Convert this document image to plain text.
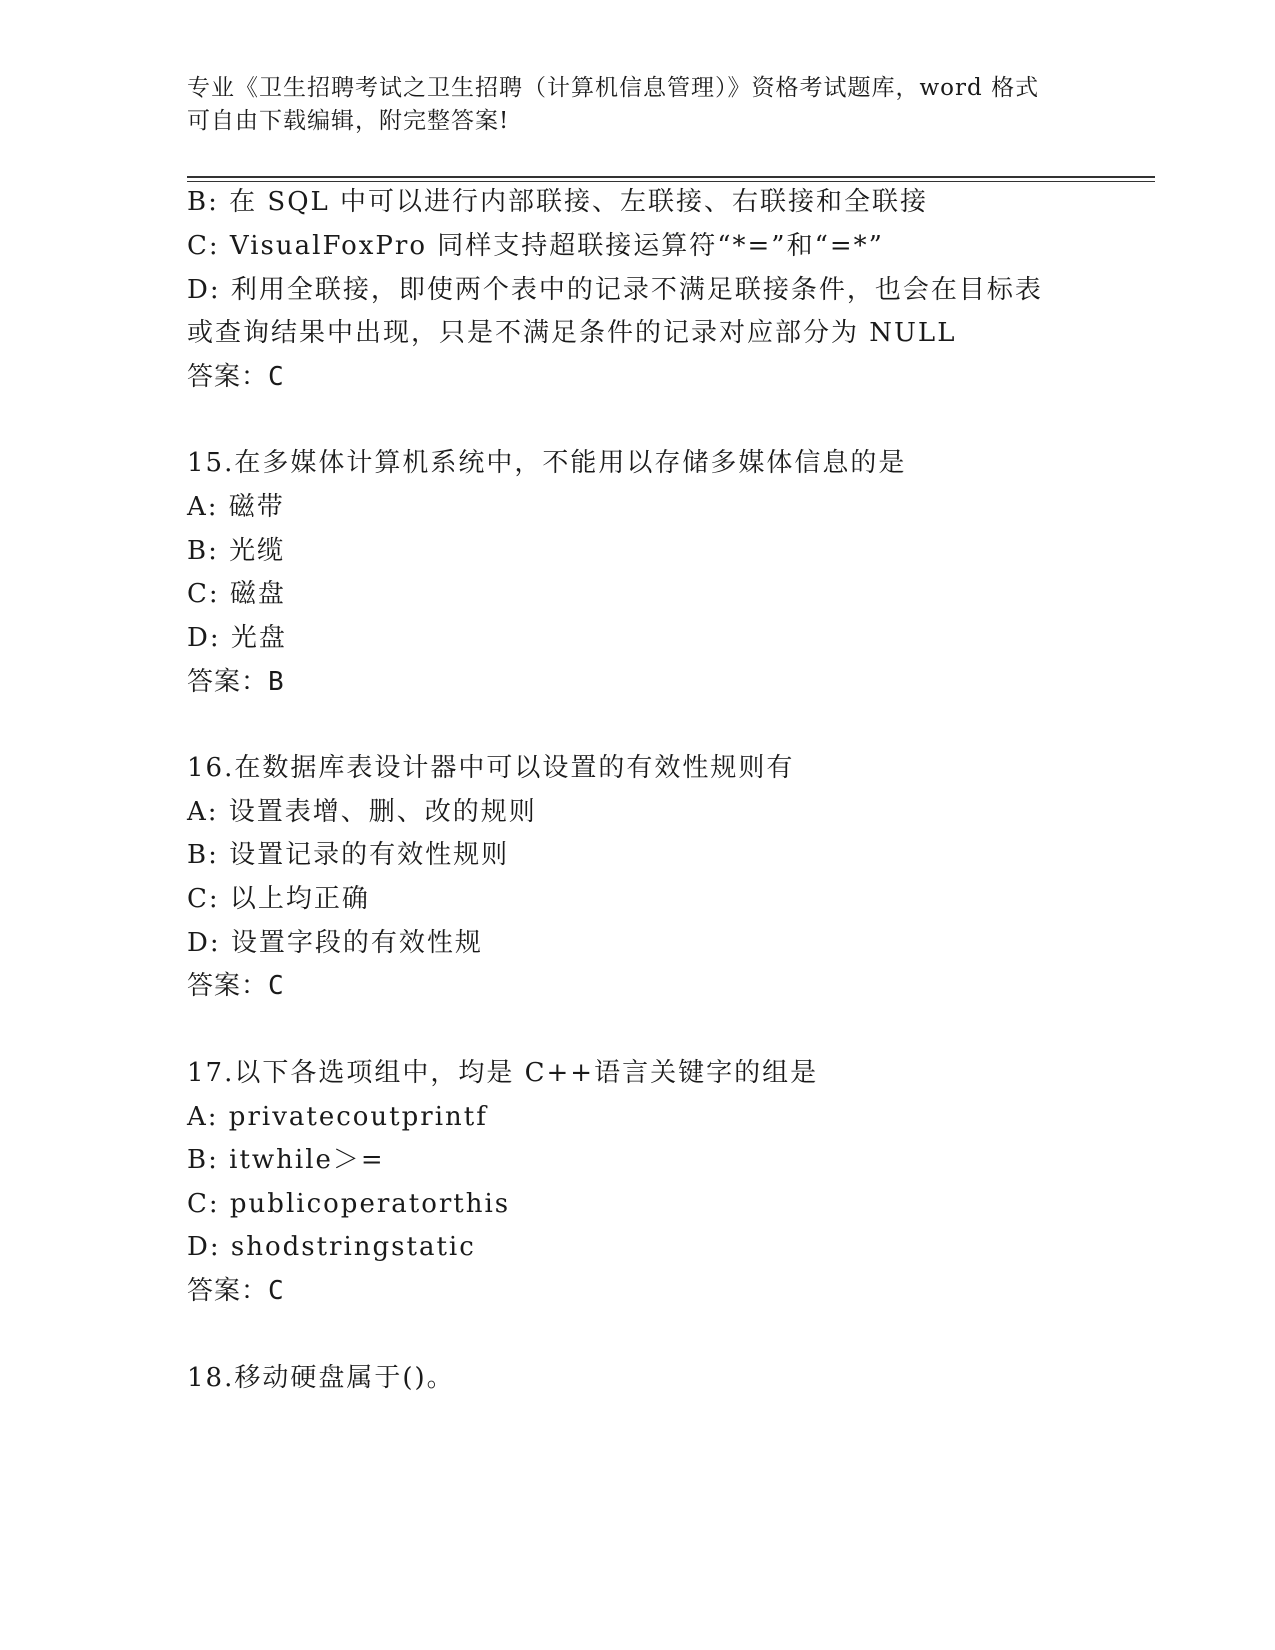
专业《卫生招聘考试之卫生招聘（计算机信息管理）》资格考试题库，word 格式
可自由下载编辑，附完整答案!
B: 在 SQL 中可以进行内部联接、左联接、右联接和全联接
C: VisualFoxPro 同样支持超联接运算符“*=”和“=*”
D: 利用全联接，即使两个表中的记录不满足联接条件，也会在目标表
或查询结果中出现，只是不满足条件的记录对应部分为 NULL
答案：C
15.在多媒体计算机系统中，不能用以存储多媒体信息的是
A: 磁带
B: 光缆
C: 磁盘
D: 光盘
答案：B
16.在数据库表设计器中可以设置的有效性规则有
A: 设置表增、删、改的规则
B: 设置记录的有效性规则
C: 以上均正确
D: 设置字段的有效性规
答案：C
17.以下各选项组中，均是 C++语言关键字的组是
A: privatecoutprintf
B: itwhile＞=
C: publicoperatorthis
D: shodstringstatic
答案：C
18.移动硬盘属于()。
